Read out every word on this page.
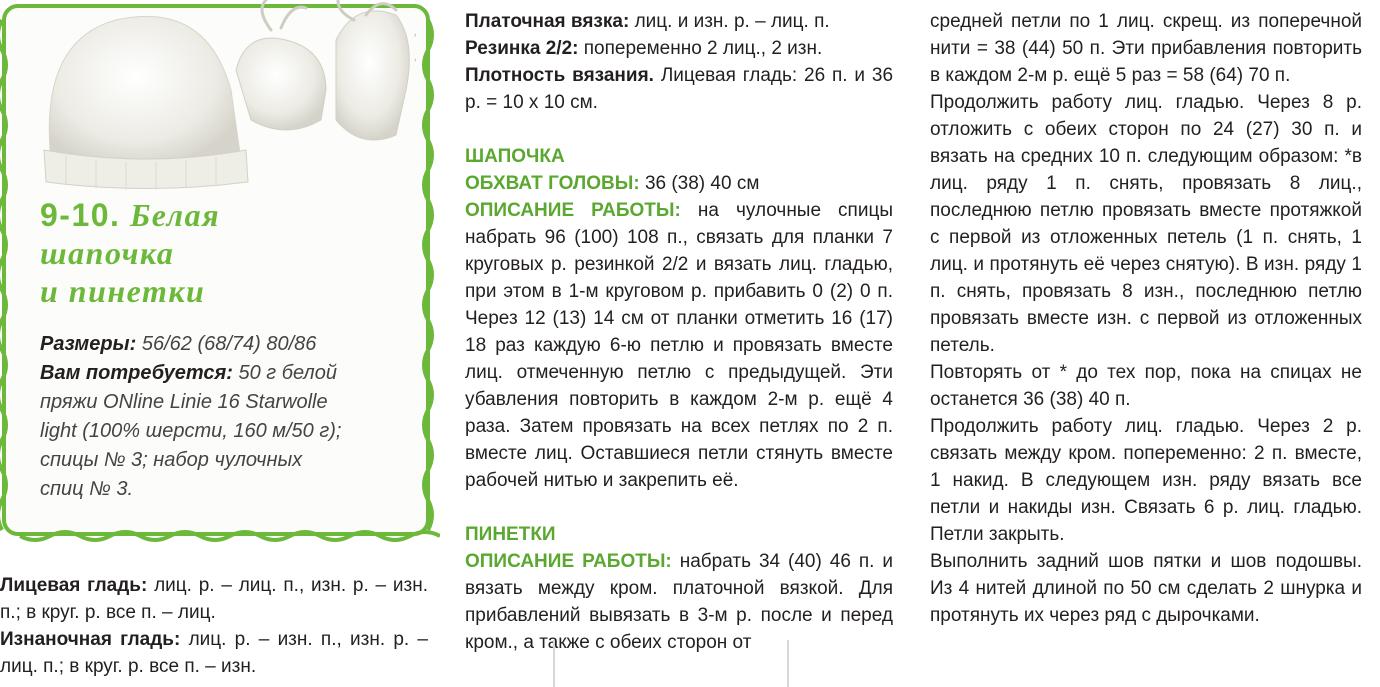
9-10. Белая
шапочка
и пинетки
Размеры: 56/62 (68/74) 80/86
Вам потребуется: 50 г белой
пряжи ONline Linie 16 Starwolle
light (100% шерсти, 160 м/50 г);
спицы № 3; набор чулочных
спиц № 3.

Лицевая гладь: лиц. р. – лиц. п., изн. р. – изн. п.; в круг. р. все п. – лиц.

Изнаночная гладь: лиц. р. – изн. п., изн. р. – лиц. п.; в круг. р. все п. – изн.

Платочная вязка: лиц. и изн. р. – лиц. п.

Резинка 2/2: попеременно 2 лиц., 2 изн.

Плотность вязания. Лицевая гладь: 26 п. и 36 р. = 10 х 10 см.

ШАПОЧКА

ОБХВАТ ГОЛОВЫ: 36 (38) 40 см

ОПИСАНИЕ РАБОТЫ: на чулочные спицы набрать 96 (100) 108 п., связать для планки 7 круговых р. резинкой 2/2 и вязать лиц. гладью, при этом в 1-м круговом р. прибавить 0 (2) 0 п. Через 12 (13) 14 см от планки отметить 16 (17) 18 раз каждую 6-ю петлю и провязать вместе лиц. отмеченную петлю с предыдущей. Эти убавления повторить в каждом 2-м р. ещё 4 раза. Затем провязать на всех петлях по 2 п. вместе лиц. Оставшиеся петли стянуть вместе рабочей нитью и закрепить её.

ПИНЕТКИ

ОПИСАНИЕ РАБОТЫ: набрать 34 (40) 46 п. и вязать между кром. платочной вязкой. Для прибавлений вывязать в 3-м р. после и перед кром., а также с обеих сторон от

средней петли по 1 лиц. скрещ. из поперечной нити = 38 (44) 50 п. Эти прибавления повторить в каждом 2-м р. ещё 5 раз = 58 (64) 70 п.

Продолжить работу лиц. гладью. Через 8 р. отложить с обеих сторон по 24 (27) 30 п. и вязать на средних 10 п. следующим образом: *в лиц. ряду 1 п. снять, провязать 8 лиц., последнюю петлю провязать вместе протяжкой с первой из отложенных петель (1 п. снять, 1 лиц. и протянуть её через снятую). В изн. ряду 1 п. снять, провязать 8 изн., последнюю петлю провязать вместе изн. с первой из отложенных петель.

Повторять от * до тех пор, пока на спицах не останется 36 (38) 40 п.

Продолжить работу лиц. гладью. Через 2 р. связать между кром. попеременно: 2 п. вместе, 1 накид. В следующем изн. ряду вязать все петли и накиды изн. Связать 6 р. лиц. гладью. Петли закрыть.

Выполнить задний шов пятки и шов подошвы. Из 4 нитей длиной по 50 см сделать 2 шнурка и протянуть их через ряд с дырочками.
